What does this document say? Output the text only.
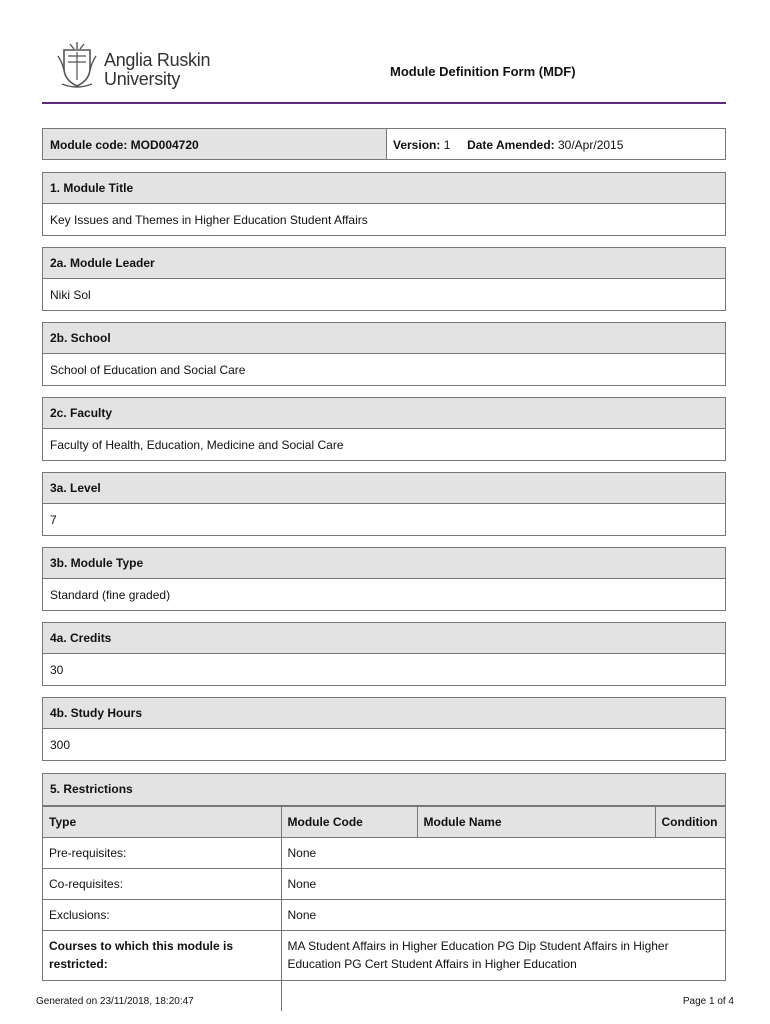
Anglia Ruskin
University	Module Definition Form (MDF)
Module code: MOD004720	Version: 1 Date Amended: 30/Apr/2015
1. Module Title
Key Issues and Themes in Higher Education Student Affairs
2a. Module Leader
Niki Sol
2b. School
School of Education and Social Care
2c. Faculty
Faculty of Health, Education, Medicine and Social Care
3a. Level
7
3b. Module Type
Standard (fine graded)
4a. Credits
30
4b. Study Hours
300
5. Restrictions
Type	Module Code	Module Name	Condition
Pre-requisites:	None		
Co-requisites:	None		
Exclusions:	None		
Courses to which this module is restricted:	MA Student Affairs in Higher Education PG Dip Student Affairs in Higher Education PG Cert Student Affairs in Higher Education		
Generated on 23/11/2018, 18:20:47	Page 1 of 4
